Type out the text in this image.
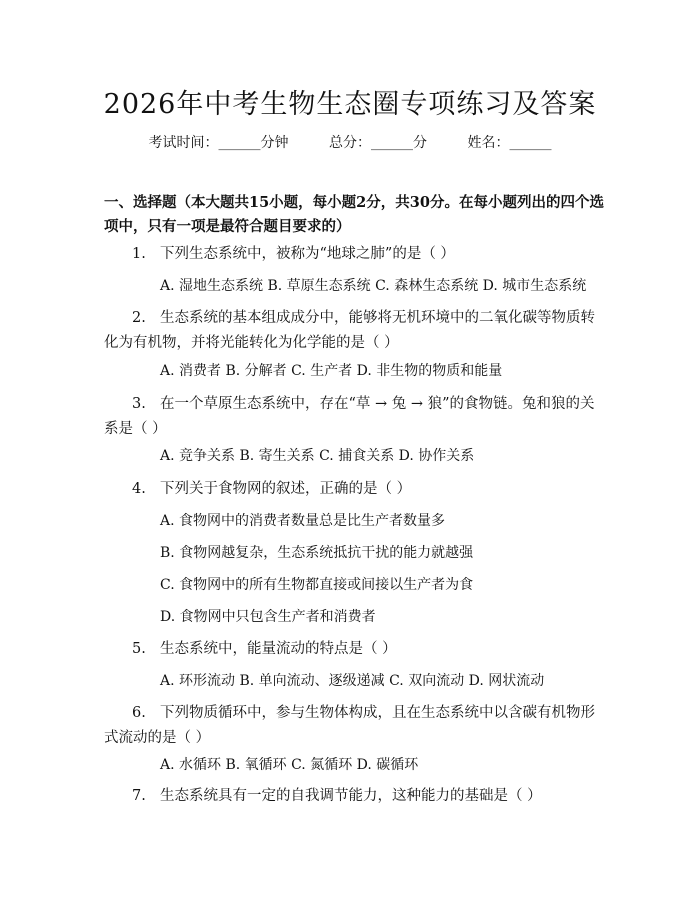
2026年中考生物生态圈专项练习及答案
考试时间：______分钟	总分：______分	姓名：______
一、选择题（本大题共15小题，每小题2分，共30分。在每小题列出的四个选项中，只有一项是最符合题目要求的）
1. 下列生态系统中，被称为“地球之肺”的是（ ）
A. 湿地生态系统 B. 草原生态系统 C. 森林生态系统 D. 城市生态系统
2. 生态系统的基本组成成分中，能够将无机环境中的二氧化碳等物质转化为有机物，并将光能转化为化学能的是（ ）
A. 消费者 B. 分解者 C. 生产者 D. 非生物的物质和能量
3. 在一个草原生态系统中，存在“草 → 兔 → 狼”的食物链。兔和狼的关系是（ ）
A. 竞争关系 B. 寄生关系 C. 捕食关系 D. 协作关系
4. 下列关于食物网的叙述，正确的是（ ）
A. 食物网中的消费者数量总是比生产者数量多
B. 食物网越复杂，生态系统抵抗干扰的能力就越强
C. 食物网中的所有生物都直接或间接以生产者为食
D. 食物网中只包含生产者和消费者
5. 生态系统中，能量流动的特点是（ ）
A. 环形流动 B. 单向流动、逐级递减 C. 双向流动 D. 网状流动
6. 下列物质循环中，参与生物体构成，且在生态系统中以含碳有机物形式流动的是（ ）
A. 水循环 B. 氧循环 C. 氮循环 D. 碳循环
7. 生态系统具有一定的自我调节能力，这种能力的基础是（ ）
